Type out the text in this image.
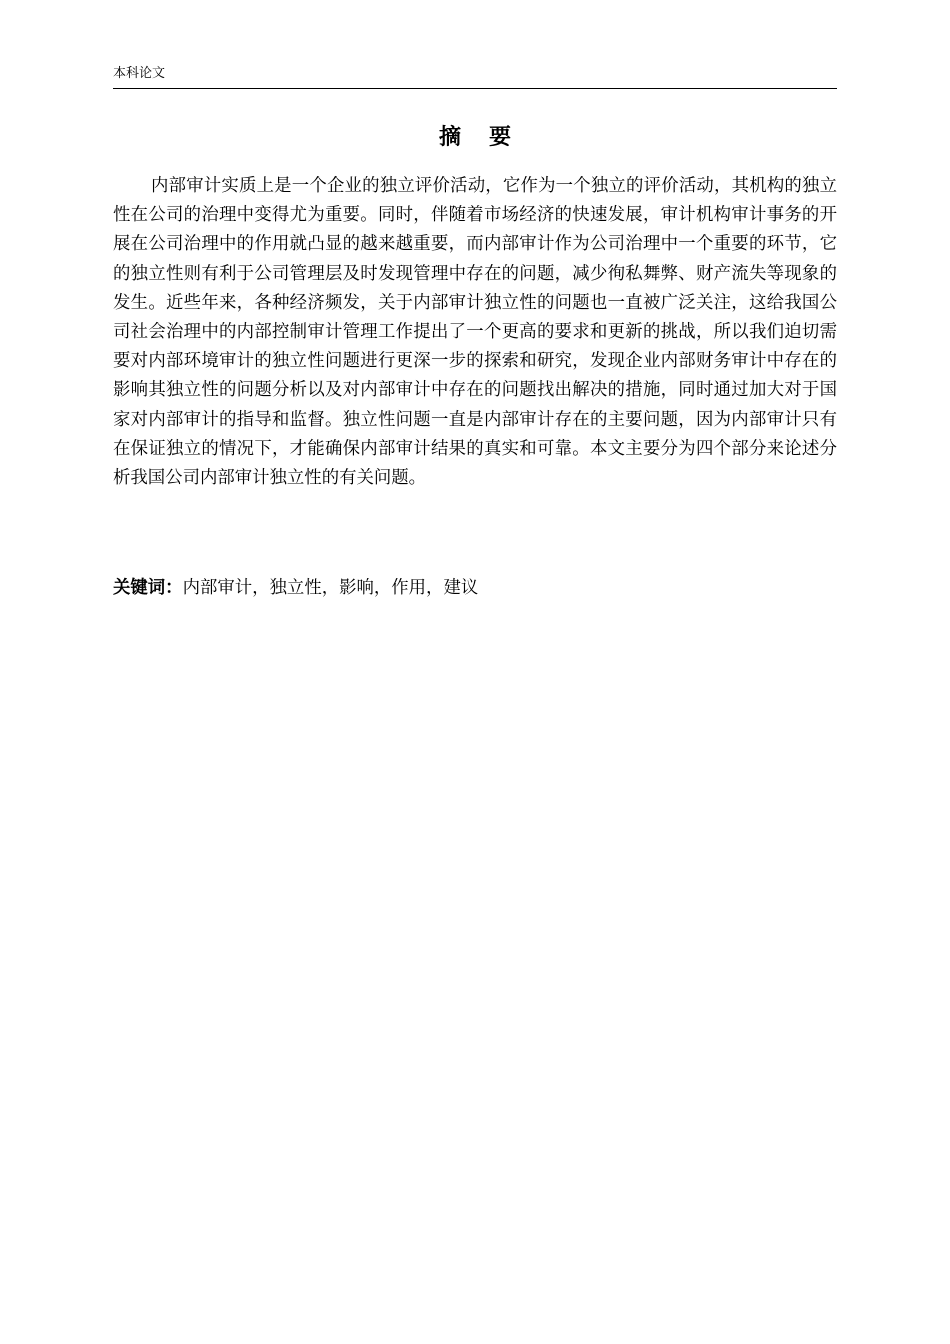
本科论文
摘要

内部审计实质上是一个企业的独立评价活动，它作为一个独立的评价活动，其机构的独立性在公司的治理中变得尤为重要。同时，伴随着市场经济的快速发展，审计机构审计事务的开展在公司治理中的作用就凸显的越来越重要，而内部审计作为公司治理中一个重要的环节，它的独立性则有利于公司管理层及时发现管理中存在的问题，减少徇私舞弊、财产流失等现象的发生。近些年来，各种经济频发，关于内部审计独立性的问题也一直被广泛关注，这给我国公司社会治理中的内部控制审计管理工作提出了一个更高的要求和更新的挑战，所以我们迫切需要对内部环境审计的独立性问题进行更深一步的探索和研究，发现企业内部财务审计中存在的影响其独立性的问题分析以及对内部审计中存在的问题找出解决的措施，同时通过加大对于国家对内部审计的指导和监督。独立性问题一直是内部审计存在的主要问题，因为内部审计只有在保证独立的情况下，才能确保内部审计结果的真实和可靠。本文主要分为四个部分来论述分析我国公司内部审计独立性的有关问题。

关键词：内部审计，独立性，影响，作用，建议
